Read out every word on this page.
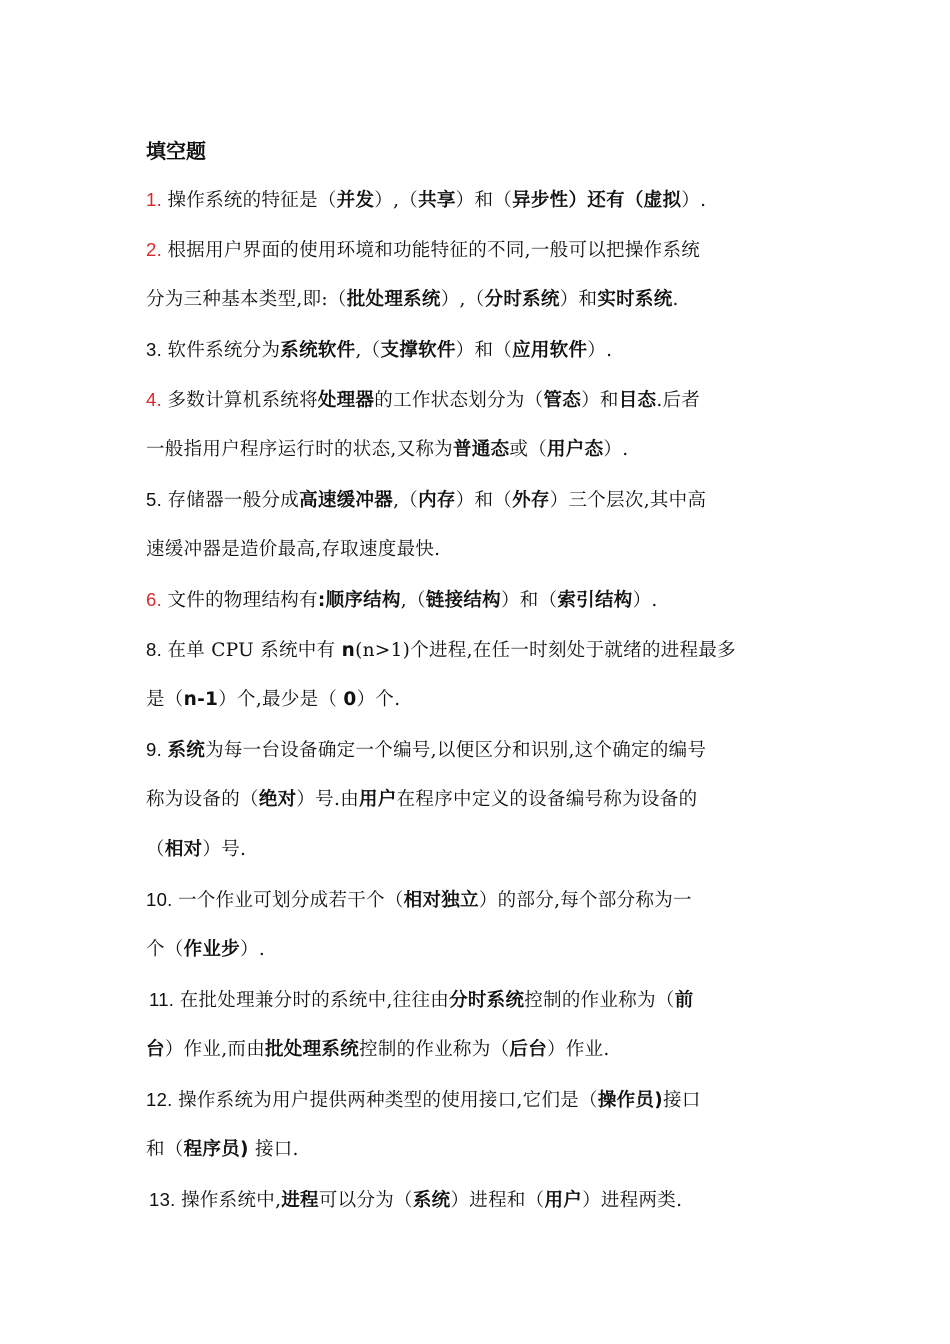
填空题
1. 操作系统的特征是（并发）,（共享）和（异步性）还有（虚拟）.
2. 根据用户界面的使用环境和功能特征的不同,一般可以把操作系统
分为三种基本类型,即:（批处理系统）,（分时系统）和实时系统.
3. 软件系统分为系统软件,（支撑软件）和（应用软件）.
4. 多数计算机系统将处理器的工作状态划分为（管态）和目态.后者
一般指用户程序运行时的状态,又称为普通态或（用户态）.
5. 存储器一般分成高速缓冲器,（内存）和（外存）三个层次,其中高
速缓冲器是造价最高,存取速度最快.
6. 文件的物理结构有:顺序结构,（链接结构）和（索引结构）.
8. 在单 CPU 系统中有 n(n>1)个进程,在任一时刻处于就绪的进程最多
是（n-1）个,最少是（ 0）个.
9. 系统为每一台设备确定一个编号,以便区分和识别,这个确定的编号
称为设备的（绝对）号.由用户在程序中定义的设备编号称为设备的
（相对）号.
10. 一个作业可划分成若干个（相对独立）的部分,每个部分称为一
个（作业步）.
11. 在批处理兼分时的系统中,往往由分时系统控制的作业称为（前
台）作业,而由批处理系统控制的作业称为（后台）作业.
12. 操作系统为用户提供两种类型的使用接口,它们是（操作员)接口
和（程序员) 接口.
13. 操作系统中,进程可以分为（系统）进程和（用户）进程两类.
